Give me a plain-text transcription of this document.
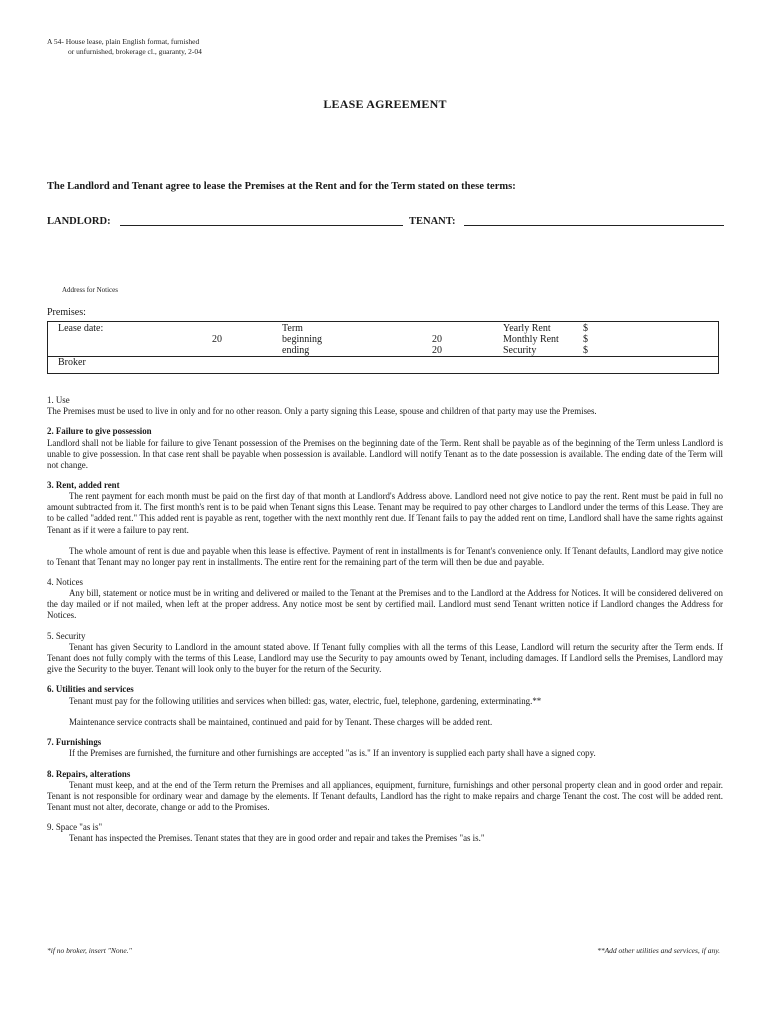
A 54- House lease, plain English format, furnished
or unfurnished, brokerage cl., guaranty, 2-04
LEASE AGREEMENT
The Landlord and Tenant agree to lease the Premises at the Rent and for the Term stated on these terms:
LANDLORD:	TENANT:
Address for Notices
Premises:
Lease date:
20
Term
beginning
ending
20
20
Yearly Rent
Monthly Rent
Security
$
$
$
Broker
1. Use

The Premises must be used to live in only and for no other reason. Only a party signing this Lease, spouse and children of that party may use the Premises.

2. Failure to give possession

Landlord shall not be liable for failure to give Tenant possession of the Premises on the beginning date of the Term. Rent shall be payable as of the beginning of the Term unless Landlord is unable to give possession. In that case rent shall be payable when possession is available. Landlord will notify Tenant as to the date possession is available. The ending date of the Term will not change.

3. Rent, added rent

The rent payment for each month must be paid on the first day of that month at Landlord's Address above. Landlord need not give notice to pay the rent. Rent must be paid in full no amount subtracted from it. The first month's rent is to be paid when Tenant signs this Lease. Tenant may be required to pay other charges to Landlord under the terms of this Lease. They are to be called "added rent." This added rent is payable as rent, together with the next monthly rent due. If Tenant fails to pay the added rent on time, Landlord shall have the same rights against Tenant as if it were a failure to pay rent.

The whole amount of rent is due and payable when this lease is effective. Payment of rent in installments is for Tenant's convenience only. If Tenant defaults, Landlord may give notice to Tenant that Tenant may no longer pay rent in installments. The entire rent for the remaining part of the term will then be due and payable.

4. Notices

Any bill, statement or notice must be in writing and delivered or mailed to the Tenant at the Premises and to the Landlord at the Address for Notices. It will be considered delivered on the day mailed or if not mailed, when left at the proper address. Any notice most be sent by certified mail. Landlord must send Tenant written notice if Landlord changes the Address for Notices.

5. Security

Tenant has given Security to Landlord in the amount stated above. If Tenant fully complies with all the terms of this Lease, Landlord will return the security after the Term ends. If Tenant does not fully comply with the terms of this Lease, Landlord may use the Security to pay amounts owed by Tenant, including damages. If Landlord sells the Premises, Landlord may give the Security to the buyer. Tenant will look only to the buyer for the return of the Security.

6. Utilities and services

Tenant must pay for the following utilities and services when billed: gas, water, electric, fuel, telephone, gardening, exterminating.**

Maintenance service contracts shall be maintained, continued and paid for by Tenant. These charges will be added rent.

7. Furnishings

If the Premises are furnished, the furniture and other furnishings are accepted "as is." If an inventory is supplied each party shall have a signed copy.

8. Repairs, alterations

Tenant must keep, and at the end of the Term return the Premises and all appliances, equipment, furniture, furnishings and other personal property clean and in good order and repair. Tenant is not responsible for ordinary wear and damage by the elements. If Tenant defaults, Landlord has the right to make repairs and charge Tenant the cost. The cost will be added rent. Tenant must not alter, decorate, change or add to the Promises.

9. Space "as is"

Tenant has inspected the Premises. Tenant states that they are in good order and repair and takes the Premises "as is."

*if no broker, insert "None."	**Add other utilities and services, if any.
